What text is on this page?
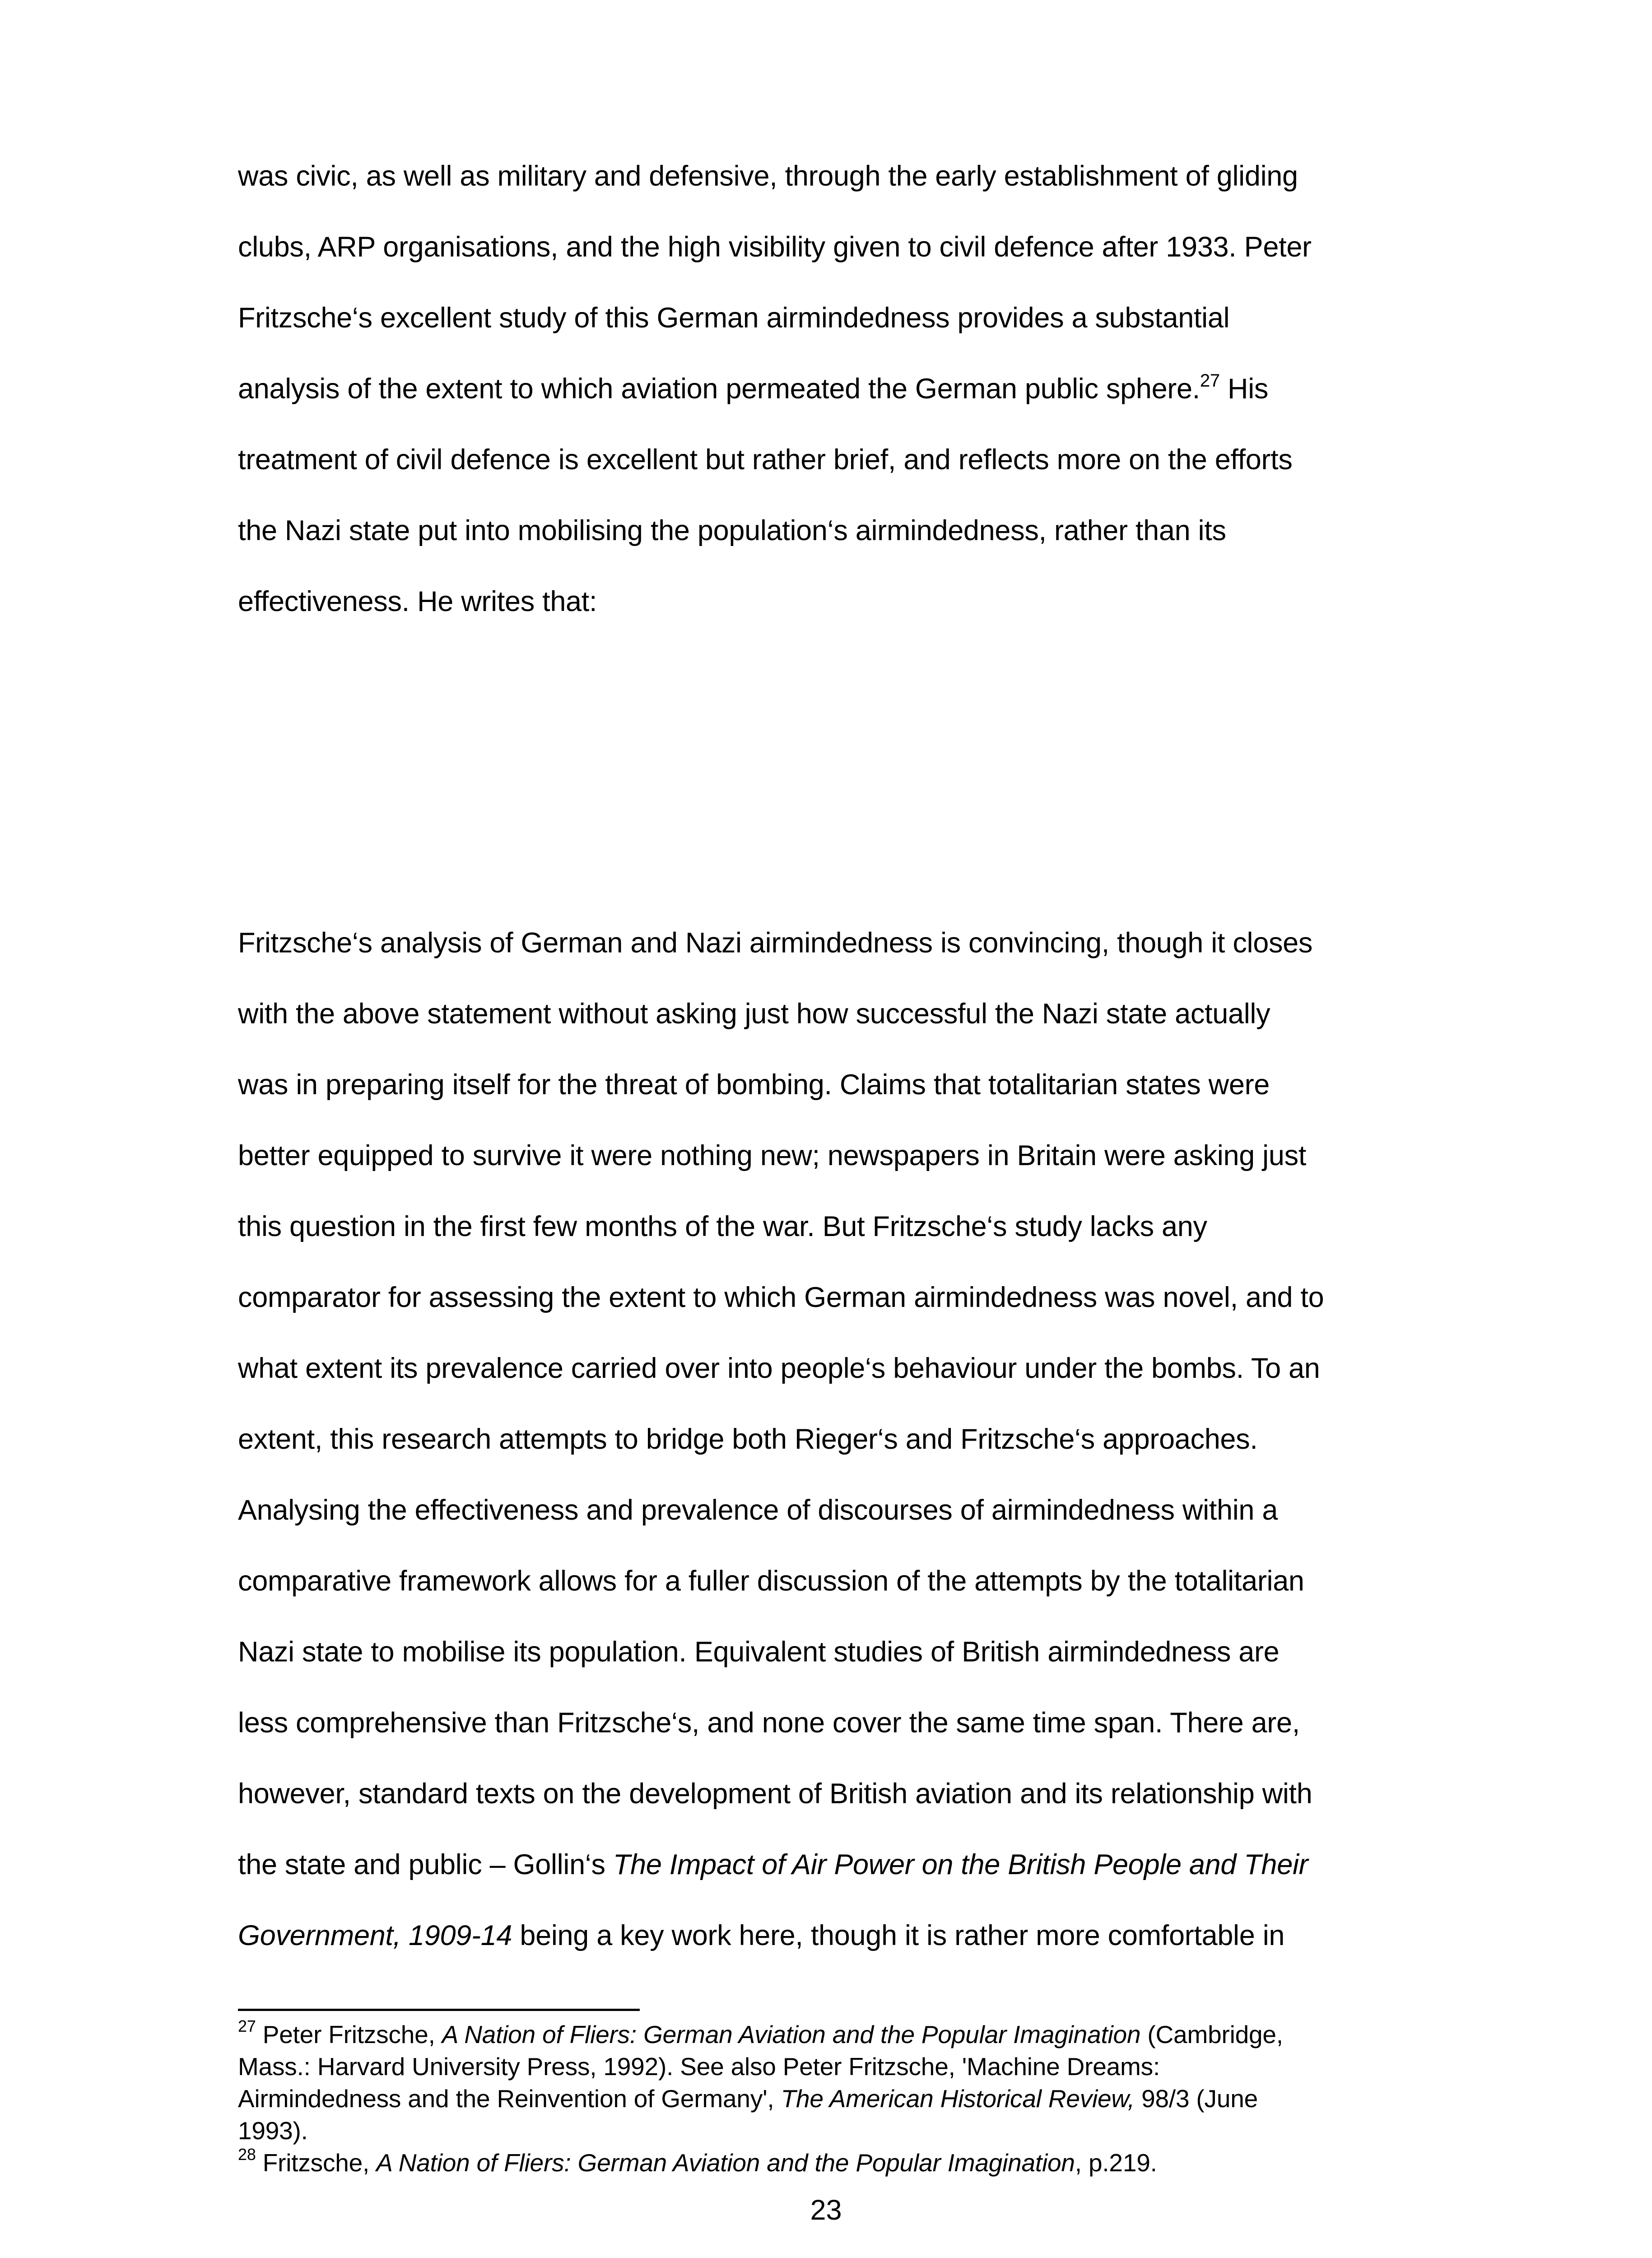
was civic, as well as military and defensive, through the early establishment of gliding
clubs, ARP organisations, and the high visibility given to civil defence after 1933. Peter
Fritzsche‘s excellent study of this German airmindedness provides a substantial
analysis of the extent to which aviation permeated the German public sphere.$^{27}$ His
treatment of civil defence is excellent but rather brief, and reflects more on the efforts
the Nazi state put into mobilising the population‘s airmindedness, rather than its
effectiveness. He writes that:
Fritzsche‘s analysis of German and Nazi airmindedness is convincing, though it closes
with the above statement without asking just how successful the Nazi state actually
was in preparing itself for the threat of bombing. Claims that totalitarian states were
better equipped to survive it were nothing new; newspapers in Britain were asking just
this question in the first few months of the war. But Fritzsche‘s study lacks any
comparator for assessing the extent to which German airmindedness was novel, and to
what extent its prevalence carried over into people‘s behaviour under the bombs. To an
extent, this research attempts to bridge both Rieger‘s and Fritzsche‘s approaches.
Analysing the effectiveness and prevalence of discourses of airmindedness within a
comparative framework allows for a fuller discussion of the attempts by the totalitarian
Nazi state to mobilise its population. Equivalent studies of British airmindedness are
less comprehensive than Fritzsche‘s, and none cover the same time span. There are,
however, standard texts on the development of British aviation and its relationship with
the state and public – Gollin‘s The Impact of Air Power on the British People and Their
Government, 1909-14 being a key work here, though it is rather more comfortable in
$^{27}$ Peter Fritzsche, A Nation of Fliers: German Aviation and the Popular Imagination (Cambridge,
Mass.: Harvard University Press, 1992). See also Peter Fritzsche, 'Machine Dreams:
Airmindedness and the Reinvention of Germany', The American Historical Review, 98/3 (June
1993).
$^{28}$ Fritzsche, A Nation of Fliers: German Aviation and the Popular Imagination, p.219.
23
